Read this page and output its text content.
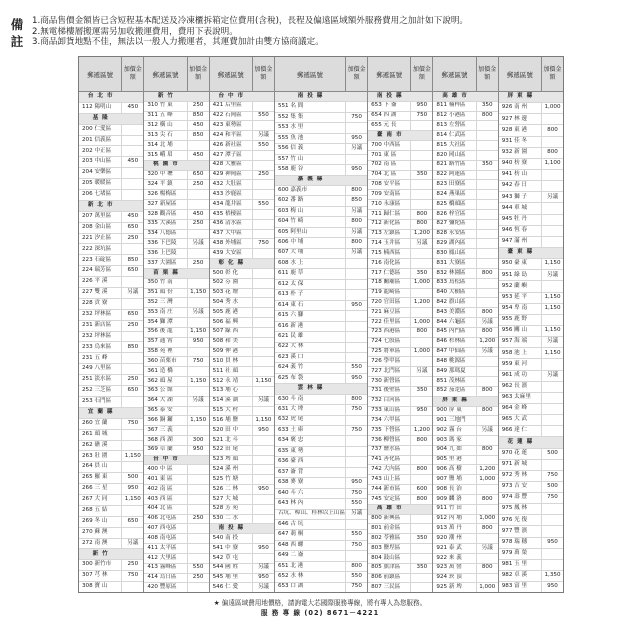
備註
1.商品售價金額皆已含短程基本配送及冷凍櫃拆箱定位費用(含稅)，長程及偏遠區域額外服務費用之加計如下說明。
2.無電梯樓層搬運需另加收搬運費用，費用下表說明。
3.商品卸貨地點不佳，無法以一般人力搬運者，其運費加計由雙方協商議定。
郵遞區號
加價金額
台 北 市
112 陽明山	450
基 隆
200 仁愛區
201 信義區
202 中正區
203 中山區	450
204 安樂區
205 暖暖區
206 七堵區
新 北 市
207 萬里區	450
208 金山區	650
221 汐止區	250
222 深坑區
223 石碇區	850
224 瑞芳區	650
226 平 溪
227 雙 溪	另議
228 貢 寮
232 坪林區	650
231 新店區	250
232 坪林區
233 烏來區	850
231 五 峰
249 八里區
251 淡水區	250
252 三芝區	650
253 石門區
宜 蘭 縣
260 宜 蘭	750
261 頭 城
262 礁 溪
263 壯 圍	1,150
264 員 山
265 羅 東	500
266 三 星	950
267 大 同	1,150
268 五 結
269 冬 山	650
270 蘇 澳
272 南 澳	另議
新 竹
300 新竹市	250
307 芎 林	750
308 寶 山
郵遞區號
加價金額
新 竹
310 竹 東	250
311 五 峰	850
312 橫 山	450
313 尖 石	850
314 北 埔
315 峨 眉	450
桃 園 市
320 中 壢	650
324 平 鎮	250
326 楊梅區
327 新屋區
328 觀音區	450
335 大溪區	250
334 八德區
336 下巴陵	另議
336 上巴陵
337 大園區	250
苗 栗 縣
350 竹 南
351 頭 份	1,150
352 三 灣
353 南 庄	另議
354 獅 潭
356 後 龍	1,150
357 通 霄	950
358 苑 裡
360 苗栗市	750
361 造 橋
362 頭 屋	1,150
363 公 館
364 大 湖	另議
365 泰 安
366 銅 鑼	1,150
367 三 義
368 西 湖	300
369 卓 蘭	950
台 中 市
400 中 區
401 東 區
402 南 區
403 西 區
404 北 區
406 北屯區	250
407 西屯區
408 南屯區
411 太平區
412 大里區
413 霧峰區	550
414 烏日區	250
420 豐原區
郵遞區號
加價金額
台 中 市
421 后里區
422 石岡區	550
423 東勢區
424 和平區	另議
426 新社區	550
427 潭子區
428 大雅區
429 神岡區	250
432 大肚區
433 沙鹿區
434 龍井區	550
435 梧棲區
436 清水區
437 大甲區
438 外埔區	750
439 大安區
彰 化 縣
500 彰 化
502 芬 園
503 花 壇
504 秀 水
505 鹿 港
506 福 興
507 線 西
508 和 美
509 伸 港
510 員 林
511 社 頭
512 永 靖	1,150
513 埔 心
514 溪 湖	另議
515 大 村
516 埔 鹽	1,150
520 田 中	950
521 北 斗
522 田 尾
523 埤 頭
524 溪 州
525 竹 塘
526 二 林	950
527 大 城
528 芳 苑
530 二 水
南 投 縣
540 南 投
541 中 寮	950
542 草 屯
544 國 姓	另議
545 埔 里	950
546 仁 愛	另議
郵遞區號
加價金額
南 投 縣
551 名 間
552 集 集	750
553 水 里
555 魚 池	950
556 信 義	另議
557 竹 山
558 鹿 谷	950
嘉 義 縣
600 嘉義市	800
602 番 路	850
603 梅 山	另議
604 竹 崎	800
605 阿里山	另議
606 中 埔	800
607 大 埔	另議
608 水 上
611 鹿 草
612 太 保
613 朴 子
614 東 石	950
615 六 腳
616 新 港
621 民 雄
622 大 林
623 溪 口
624 義 竹	550
625 布 袋	950
雲 林 縣
630 斗 南	800
631 大 埤	750
632 虎 尾
633 土 庫	750
634 褒 忠
635 東 勢
636 臺 西
637 崙 背
638 麥 寮	950
640 斗 六	750
643 林 內	550
古坑、樟山、桂林以上山區	另議
646 古 坑
647 莿 桐	550
648 西 螺	750
649 二 崙
651 北 港	800
652 水 林	550
653 口 湖	750
郵遞區號
加價金額
南 投 縣
653 下 崙	950
654 四 湖	750
655 元 長
臺 南 市
700 中西區
701 東 區
702 南 區
704 北 區	350
708 安平區
709 安南區
710 永康區
711 歸仁區	800
712 新化區	800
713 左鎮區	1,200
714 玉井區	另議
715 楠西區
716 南化區
717 仁德區	350
718 關廟區	1,000
719 龍崎區
720 官田區	1,200
721 麻豆區
722 佳里區	1,000
723 西港區	800
724 七股區
725 將軍區	1,000
726 學甲區
727 北門區	另議
730 新營區
731 後壁區	350
732 白河區
733 東山區	950
734 六甲區
735 下營區	1,200
736 柳營區	800
737 鹽水區
741 善化區
742 大內區	800
743 山上區
744 新市區	600
745 安定區	800
高 雄 市
800 新興區
801 前金區
802 苓雅區	350
803 鹽埕區
804 鼓山區
805 旗津區	350
806 前鎮區
807 三民區
郵遞區號
加價金額
高 雄 市
811 楠梓區	350
812 小港區	800
813 左營區
814 仁武區
815 大社區
820 岡山區
821 路竹區	350
822 阿蓮區
823 田寮區
824 燕巢區
825 橋頭區
826 梓官區
827 彌陀區
828 永安區
829 湖內區
830 鳳山區
831 大寮區
832 林園區	800
833 鳥松區
840 大樹區
842 旗山區
843 美濃區	800
844 六龜區	另議
845 內門區	800
846 杉林區	1,200
847 甲仙區	另議
848 桃源區
849 那瑪夏
851 茂林區
852 茄萣區	800
屏 東 縣
900 屏 東	800
901 三地門
902 霧 台	另議
903 瑪 家
904 九 如	800
905 里 港
906 高 樹	1,200
907 鹽 埔	1,000
908 長 治
909 麟 洛	800
911 竹 田
912 內 埔	1,000
913 萬 丹	800
920 潮 州
921 泰 武	另議
922 來 義
923 萬 巒	800
924 崁 頂
925 新 埤	1,000
郵遞區號
加價金額
屏 東 縣
926 南 州	1,000
927 林 邊
928 東 港	800
931 佳 冬
932 新 園	800
940 枋 寮	1,100
941 枋 山
942 春 日
943 獅 子	另議
944 車 城
945 牡 丹
946 恆 春
947 滿 州
臺 東 縣
950 臺 東	1,150
951 綠 島	另議
952 蘭 嶼
953 延 平	1,150
954 卑 南	1,150
955 鹿 野
956 關 山	1,150
957 海 端	另議
958 池 上	1,150
959 東 河
961 成 功	另議
962 長 濱
963 太麻里
964 金 峰
965 大 武
966 達 仁
花 蓮 縣
970 花 蓮	500
971 新 城
972 秀 林	750
973 吉 安	500
974 壽 豐	750
975 鳳 林
976 光 復
977 豐 濱
978 瑞 穗	950
979 萬 榮
981 玉 里
982 卓 溪	1,350
983 富 里	950
★ 偏遠區域費用地價格，請詢電大芯國際服務專線，將有專人為您服務。
服 務 專 線 (02) 8671－4221
